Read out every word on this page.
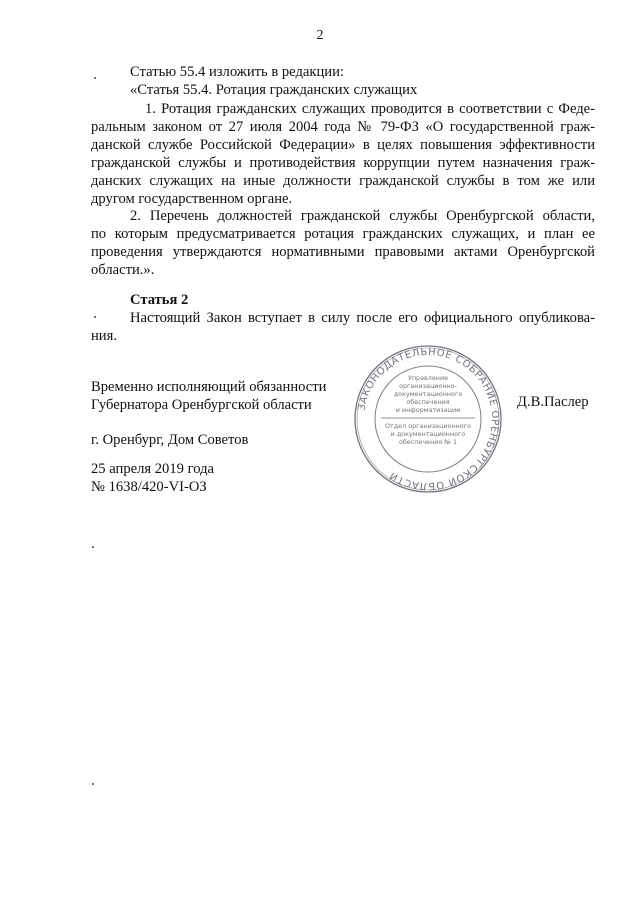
2
Статью 55.4 изложить в редакции:
«Статья 55.4. Ротация гражданских служащих
1. Ротация гражданских служащих проводится в соответствии с Феде-
ральным законом от 27 июля 2004 года № 79-ФЗ «О государственной граж-
данской службе Российской Федерации» в целях повышения эффективности
гражданской службы и противодействия коррупции путем назначения граж-
данских служащих на иные должности гражданской службы в том же или
другом государственном органе.
2. Перечень должностей гражданской службы Оренбургской области,
по которым предусматривается ротация гражданских служащих, и план ее
проведения утверждаются нормативными правовыми актами Оренбургской
области.».
Статья 2
Настоящий Закон вступает в силу после его официального опубликова-
ния.
Временно исполняющий обязанности
Губернатора Оренбургской области	Д.В.Паслер
ЗАКОНОДАТЕЛЬНОЕ СОБРАНИЕ ОРЕНБУРГСКОЙ ОБЛАСТИ
Управление
организационно-
документационного
обеспечения
и информатизации
Отдел организационного
и документационного
обеспечения № 1
г. Оренбург, Дом Советов
25 апреля 2019 года
№ 1638/420-VI-ОЗ
